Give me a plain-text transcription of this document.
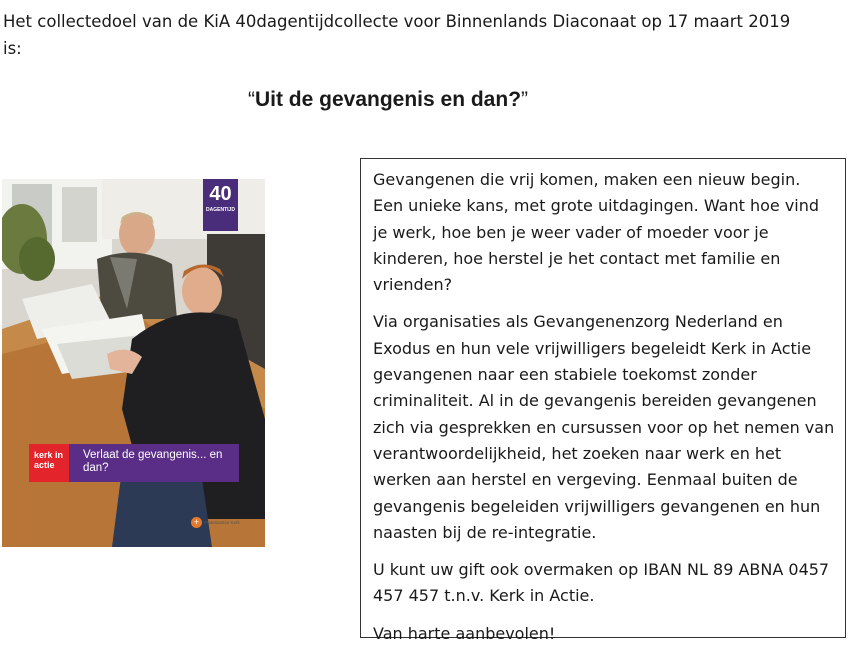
Het collectedoel van de KiA 40dagentijdcollecte voor Binnenlands Diaconaat op 17 maart 2019 is:

“Uit de gevangenis en dan?”
40
DAGENTIJD
kerk in actie
Verlaat de gevangenis... en dan?
+	Protestantse Kerk

Gevangenen die vrij komen, maken een nieuw begin. Een unieke kans, met grote uitdagingen. Want hoe vind je werk, hoe ben je weer vader of moeder voor je kinderen, hoe herstel je het contact met familie en vrienden?

Via organisaties als Gevangenenzorg Nederland en Exodus en hun vele vrijwilligers begeleidt Kerk in Actie gevangenen naar een stabiele toekomst zonder criminaliteit. Al in de gevangenis bereiden gevangenen zich via gesprekken en cursussen voor op het nemen van verantwoordelijkheid, het zoeken naar werk en het werken aan herstel en vergeving. Eenmaal buiten de gevangenis begeleiden vrijwilligers gevangenen en hun naasten bij de re-integratie.

U kunt uw gift ook overmaken op IBAN NL 89 ABNA 0457 457 457 t.n.v. Kerk in Actie.

Van harte aanbevolen!
